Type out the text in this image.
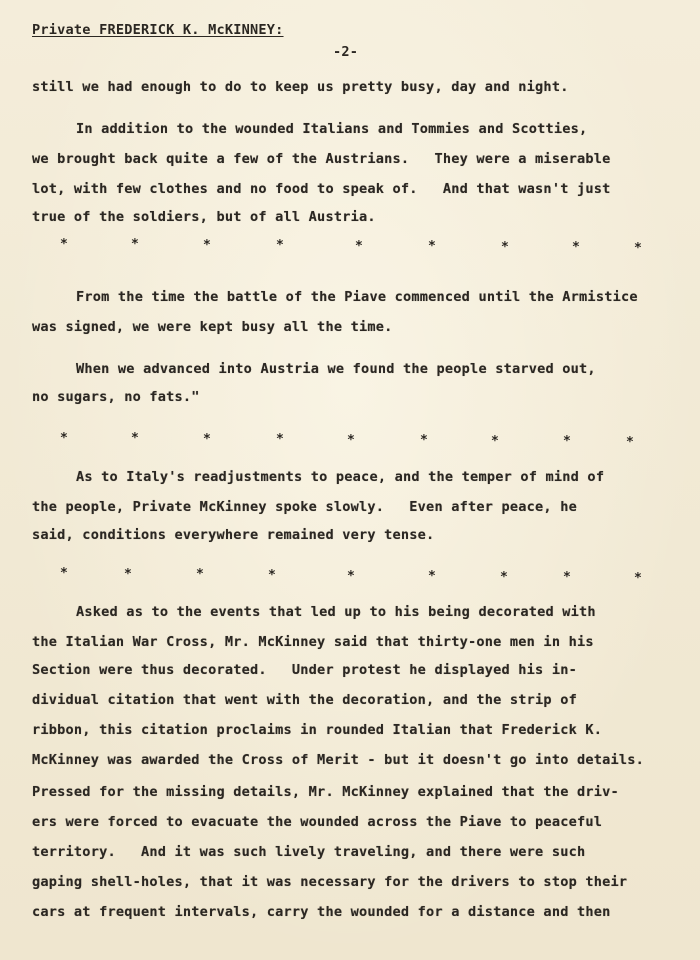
Private FREDERICK K. McKINNEY:
-2-
still we had enough to do to keep us pretty busy, day and night.
In addition to the wounded Italians and Tommies and Scotties,
we brought back quite a few of the Austrians.   They were a miserable
lot, with few clothes and no food to speak of.   And that wasn't just
true of the soldiers, but of all Austria.
*	*	*	*	*	*	*	*	*
From the time the battle of the Piave commenced until the Armistice
was signed, we were kept busy all the time.
When we advanced into Austria we found the people starved out,
no sugars, no fats."
*	*	*	*	*	*	*	*	*
As to Italy's readjustments to peace, and the temper of mind of
the people, Private McKinney spoke slowly.   Even after peace, he
said, conditions everywhere remained very tense.
*	*	*	*	*	*	*	*	*
Asked as to the events that led up to his being decorated with
the Italian War Cross, Mr. McKinney said that thirty-one men in his
Section were thus decorated.   Under protest he displayed his in-
dividual citation that went with the decoration, and the strip of
ribbon, this citation proclaims in rounded Italian that Frederick K.
McKinney was awarded the Cross of Merit - but it doesn't go into details.
Pressed for the missing details, Mr. McKinney explained that the driv-
ers were forced to evacuate the wounded across the Piave to peaceful
territory.   And it was such lively traveling, and there were such
gaping shell-holes, that it was necessary for the drivers to stop their
cars at frequent intervals, carry the wounded for a distance and then
